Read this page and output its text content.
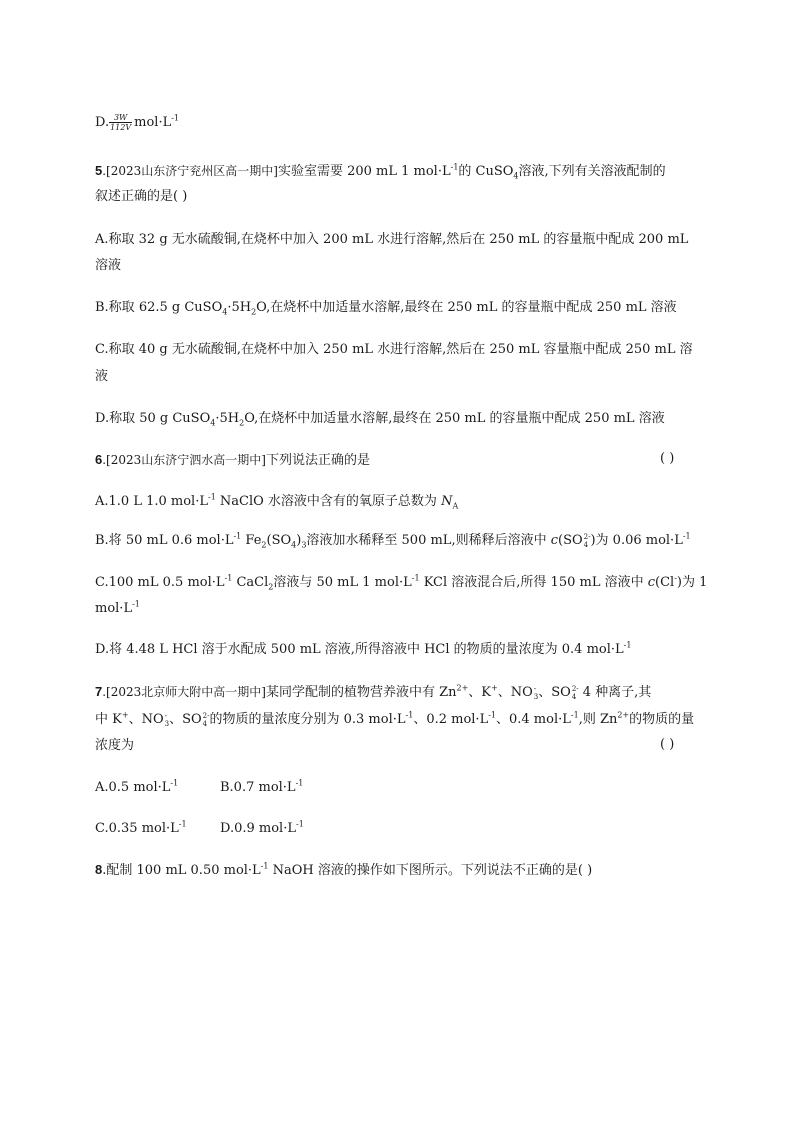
D. $\frac{3W}{112V} mol\cdot L^{-1}$
5.[2023山东济宁兖州区高一期中]实验室需要 200 mL 1 $mol\cdot L^{-1}$的 CuSO$_4$溶液,下列有关溶液配制的
叙述正确的是( )
A.称取 32 g 无水硫酸铜,在烧杯中加入 200 mL 水进行溶解,然后在 250 mL 的容量瓶中配成 200 mL
溶液
B.称取 62.5 g $CuSO_4\cdot 5H_2O$,在烧杯中加适量水溶解,最终在 250 mL 的容量瓶中配成 250 mL 溶液
C.称取 40 g 无水硫酸铜,在烧杯中加入 250 mL 水进行溶解,然后在 250 mL 容量瓶中配成 250 mL 溶
液
D.称取 50 g $CuSO_4\cdot 5H_2O$,在烧杯中加适量水溶解,最终在 250 mL 的容量瓶中配成 250 mL 溶液
6.[2023山东济宁泗水高一期中]下列说法正确的是	( )
A.1.0 L 1.0 $mol\cdot L^{-1}$ NaClO 水溶液中含有的氧原子总数为 $N_A$
B.将 50 mL 0.6 $mol\cdot L^{-1}$ $Fe_2(SO_4)_3$溶液加水稀释至 500 mL,则稀释后溶液中 c(SO 2-
4 )为 0.06 $mol\cdot L^{-1}$
C.100 mL 0.5 $mol\cdot L^{-1}$ CaCl$_2$溶液与 50 mL 1 $mol\cdot L^{-1}$ KCl 溶液混合后,所得 150 mL 溶液中 c(Cl-)为 1
$mol\cdot L^{-1}$
D.将 4.48 L HCl 溶于水配成 500 mL 溶液,所得溶液中 HCl 的物质的量浓度为 0.4 $mol\cdot L^{-1}$
7.[2023北京师大附中高一期中]某同学配制的植物营养液中有 $Zn^{2+}$、K+、NO -
3 、SO 2-
4 4 种离子,其
中 K+、NO -
3 、SO 2-
4 的物质的量浓度分别为 0.3 $mol\cdot L^{-1}$、0.2 $mol\cdot L^{-1}$、0.4 $mol\cdot L^{-1}$,则 $Zn^{2+}$的物质的量
浓度为	( )
A.0.5 $mol\cdot L^{-1}$	B.0.7 $mol\cdot L^{-1}$
C.0.35 $mol\cdot L^{-1}$	D.0.9 $mol\cdot L^{-1}$
8.配制 100 mL 0.50 $mol\cdot L^{-1}$ NaOH 溶液的操作如下图所示。下列说法不正确的是( )
